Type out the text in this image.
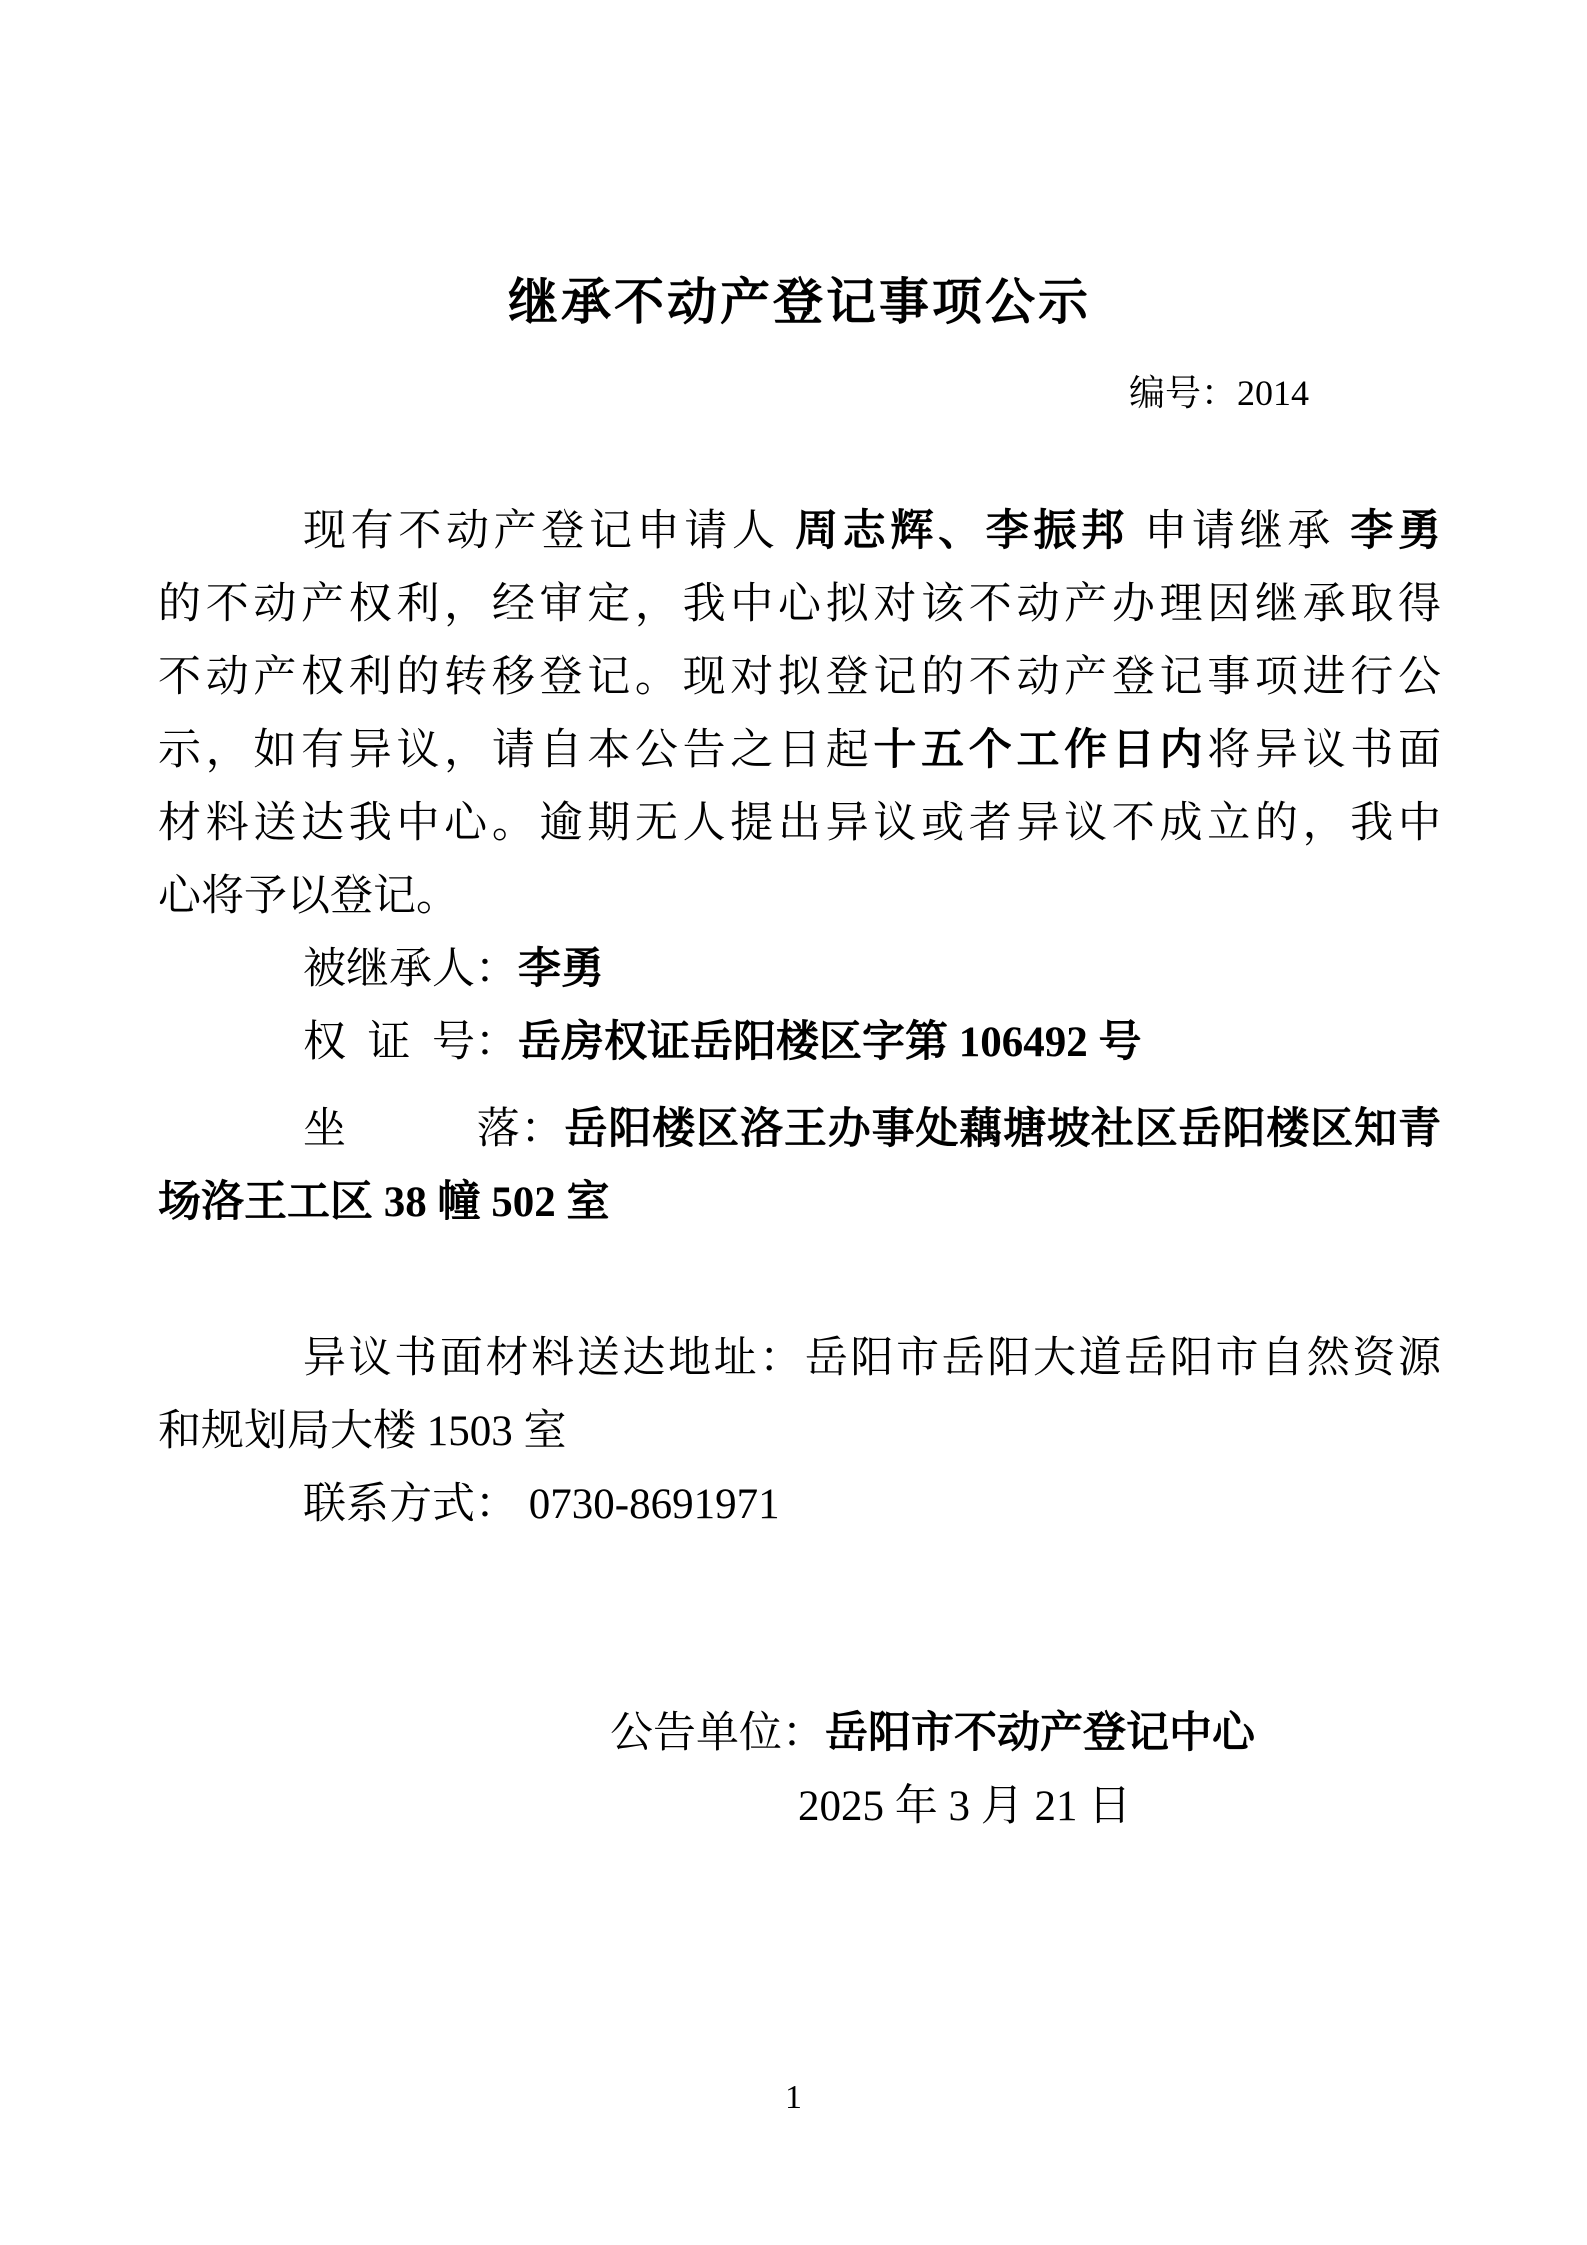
继承不动产登记事项公示
编号：2014
现有不动产登记申请人 周志辉、李振邦 申请继承 李勇
的不动产权利，经审定，我中心拟对该不动产办理因继承取得
不动产权利的转移登记。现对拟登记的不动产登记事项进行公
示，如有异议，请自本公告之日起十五个工作日内将异议书面
材料送达我中心。逾期无人提出异议或者异议不成立的，我中
心将予以登记。
被继承人：李勇
权 证 号：岳房权证岳阳楼区字第 106492 号
坐   落：岳阳楼区洛王办事处藕塘坡社区岳阳楼区知青
场洛王工区 38 幢 502 室
异议书面材料送达地址：岳阳市岳阳大道岳阳市自然资源
和规划局大楼 1503 室
联系方式： 0730-8691971
公告单位：岳阳市不动产登记中心
2025 年 3 月 21 日
1
